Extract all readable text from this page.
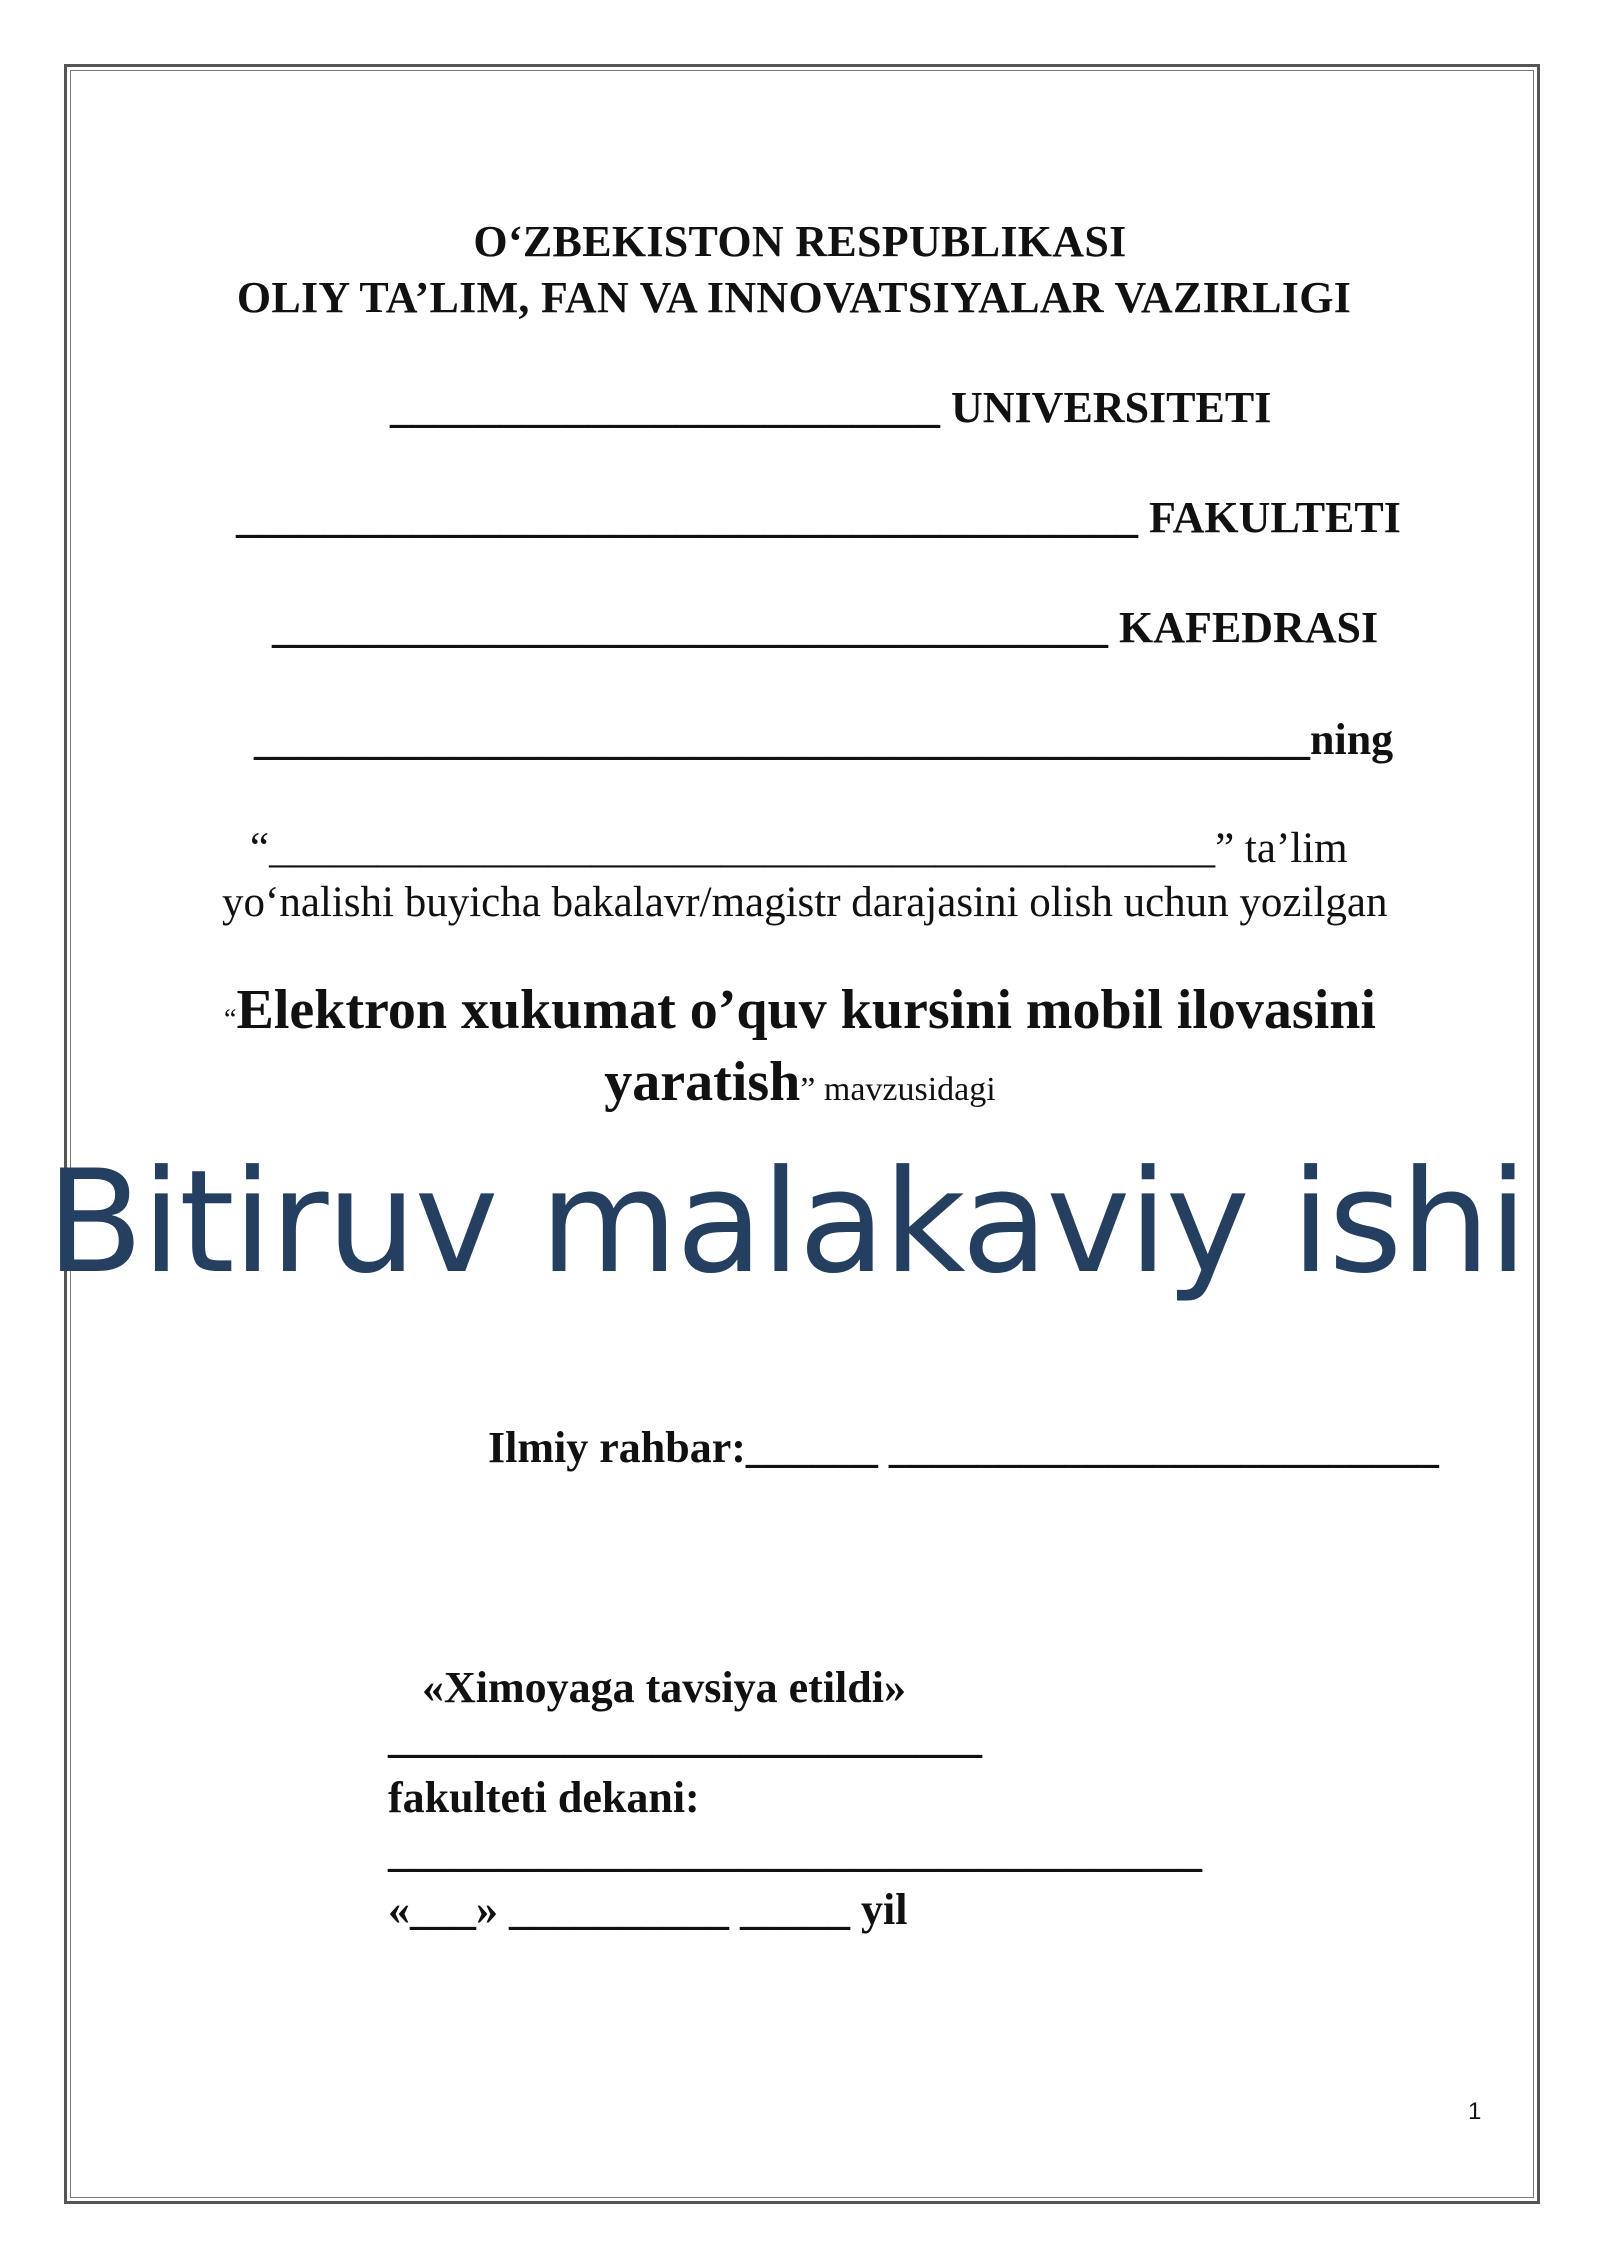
O‘ZBEKISTON RESPUBLIKASI
OLIY TA’LIM, FAN VA INNOVATSIYALAR VAZIRLIGI
_________________________ UNIVERSITETI
_________________________________________ FAKULTETI
______________________________________ KAFEDRASI
________________________________________________ning
“____________________________________________” ta’lim
yo‘nalishi buyicha bakalavr/magistr darajasini olish uchun yozilgan
“Elektron xukumat o’quv kursini mobil ilovasini
yaratish” mavzusidagi
Bitiruv malakaviy ishi
Ilmiy rahbar:______ _________________________
«Ximoyaga tavsiya etildi»
___________________________
fakulteti dekani:
_____________________________________
«___» __________ _____ yil
1
